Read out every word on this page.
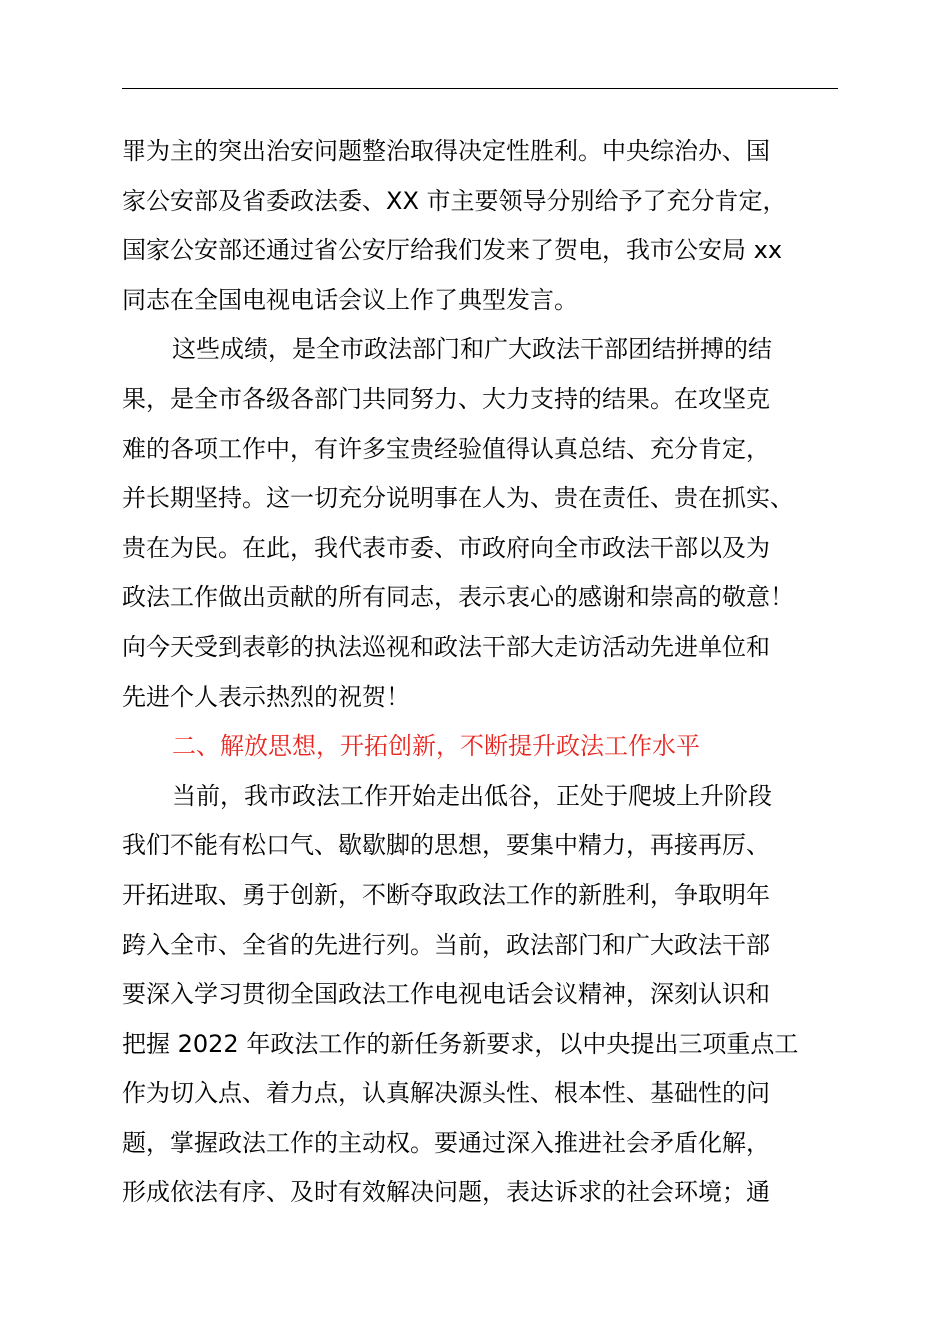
罪为主的突出治安问题整治取得决定性胜利。中央综治办、国
家公安部及省委政法委、XX 市主要领导分别给予了充分肯定，
国家公安部还通过省公安厅给我们发来了贺电，我市公安局 xx
同志在全国电视电话会议上作了典型发言。
这些成绩，是全市政法部门和广大政法干部团结拼搏的结
果，是全市各级各部门共同努力、大力支持的结果。在攻坚克
难的各项工作中，有许多宝贵经验值得认真总结、充分肯定，
并长期坚持。这一切充分说明事在人为、贵在责任、贵在抓实、
贵在为民。在此，我代表市委、市政府向全市政法干部以及为
政法工作做出贡献的所有同志，表示衷心的感谢和崇高的敬意！
向今天受到表彰的执法巡视和政法干部大走访活动先进单位和
先进个人表示热烈的祝贺！
二、解放思想，开拓创新，不断提升政法工作水平
当前，我市政法工作开始走出低谷，正处于爬坡上升阶段
我们不能有松口气、歇歇脚的思想，要集中精力，再接再厉、
开拓进取、勇于创新，不断夺取政法工作的新胜利，争取明年
跨入全市、全省的先进行列。当前，政法部门和广大政法干部
要深入学习贯彻全国政法工作电视电话会议精神，深刻认识和
把握 2022 年政法工作的新任务新要求，以中央提出三项重点工
作为切入点、着力点，认真解决源头性、根本性、基础性的问
题，掌握政法工作的主动权。要通过深入推进社会矛盾化解，
形成依法有序、及时有效解决问题，表达诉求的社会环境；通
